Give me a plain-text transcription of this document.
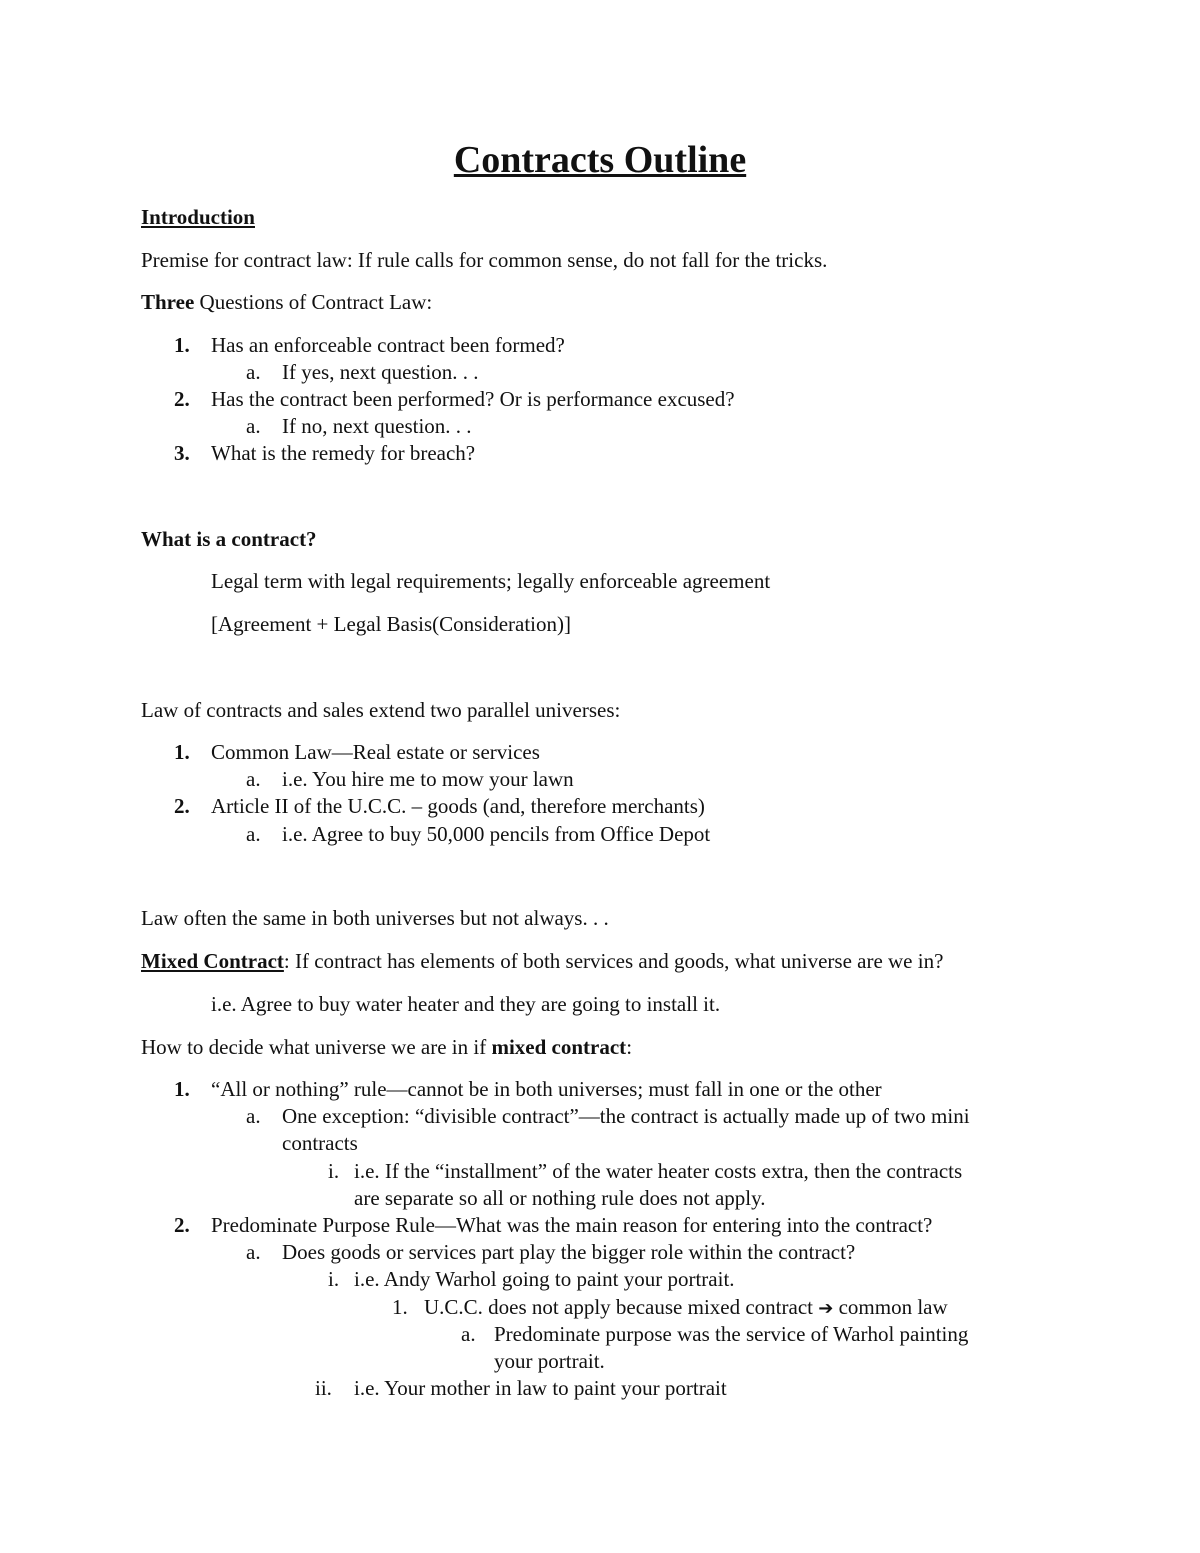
Contracts Outline
Introduction
Premise for contract law: If rule calls for common sense, do not fall for the tricks.
Three Questions of Contract Law:
1. Has an enforceable contract been formed?
a. If yes, next question. . .
2. Has the contract been performed? Or is performance excused?
a. If no, next question. . .
3. What is the remedy for breach?
What is a contract?
Legal term with legal requirements; legally enforceable agreement
[Agreement + Legal Basis(Consideration)]
Law of contracts and sales extend two parallel universes:
1. Common Law—Real estate or services
a. i.e. You hire me to mow your lawn
2. Article II of the U.C.C. – goods (and, therefore merchants)
a. i.e. Agree to buy 50,000 pencils from Office Depot
Law often the same in both universes but not always. . .
Mixed Contract: If contract has elements of both services and goods, what universe are we in?
i.e. Agree to buy water heater and they are going to install it.
How to decide what universe we are in if mixed contract:
1. “All or nothing” rule—cannot be in both universes; must fall in one or the other
a. One exception: “divisible contract”—the contract is actually made up of two mini
contracts
i. i.e. If the “installment” of the water heater costs extra, then the contracts
are separate so all or nothing rule does not apply.
2. Predominate Purpose Rule—What was the main reason for entering into the contract?
a. Does goods or services part play the bigger role within the contract?
i. i.e. Andy Warhol going to paint your portrait.
1. U.C.C. does not apply because mixed contract ➔ common law
a. Predominate purpose was the service of Warhol painting
your portrait.
ii. i.e. Your mother in law to paint your portrait
